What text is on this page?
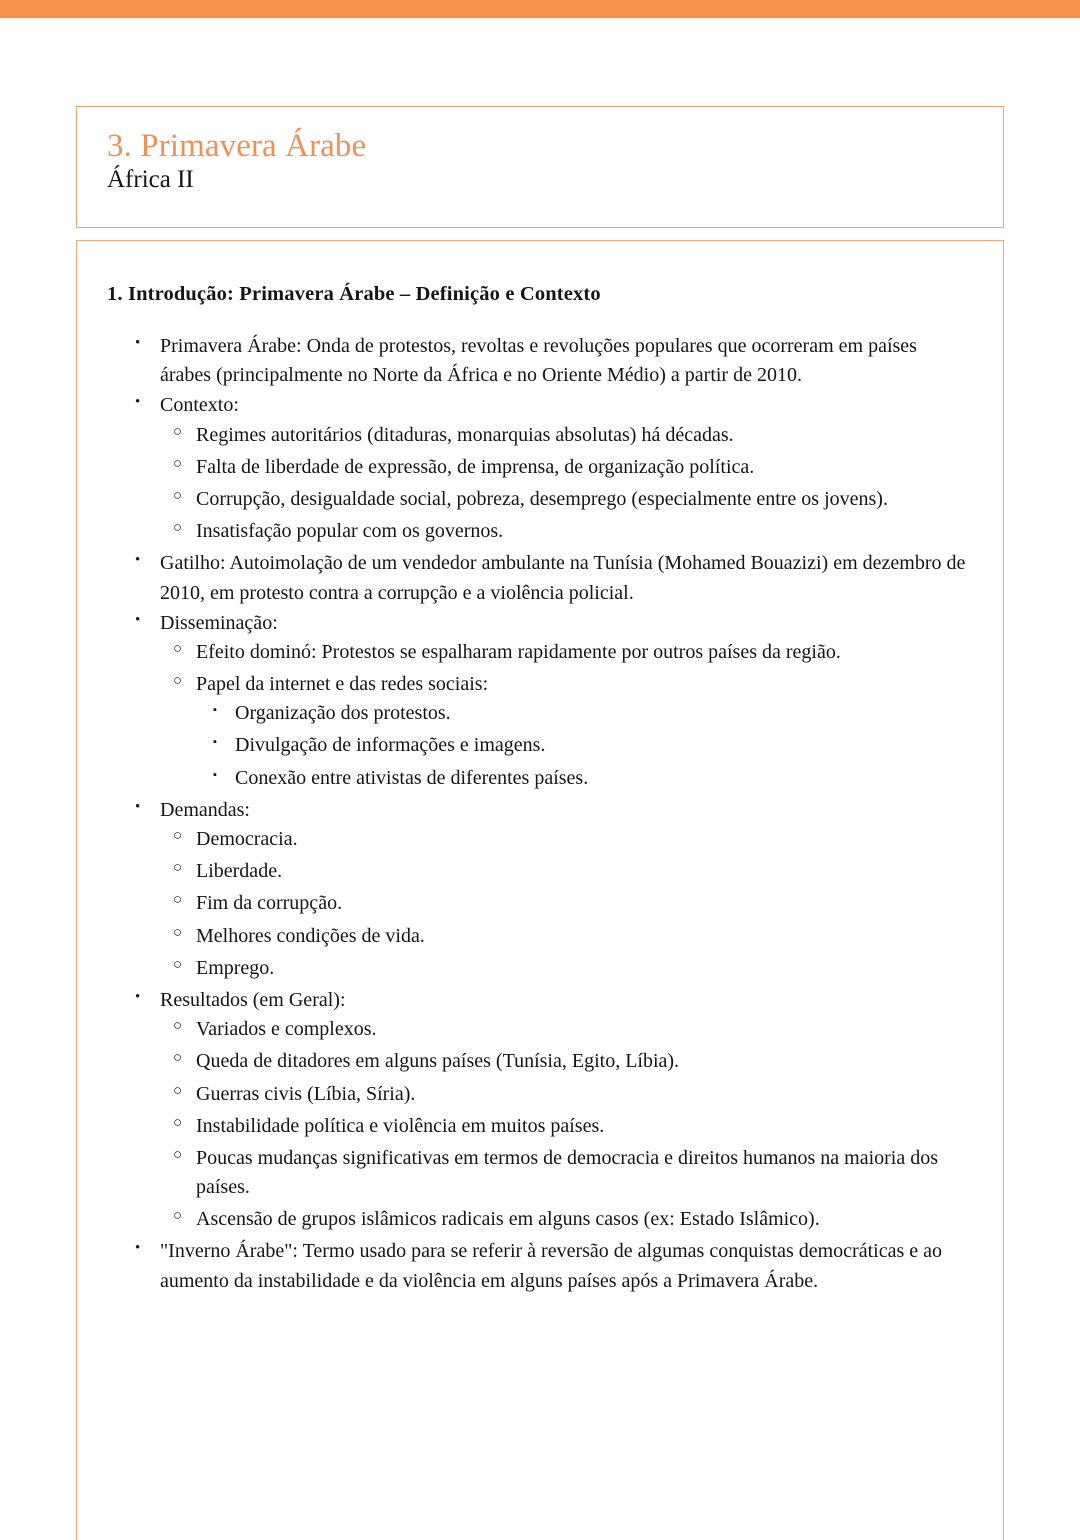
3. Primavera Árabe
África II
1. Introdução: Primavera Árabe – Definição e Contexto
• Primavera Árabe: Onda de protestos, revoltas e revoluções populares que ocorreram em países árabes (principalmente no Norte da África e no Oriente Médio) a partir de 2010.
• Contexto:
○ Regimes autoritários (ditaduras, monarquias absolutas) há décadas.
○ Falta de liberdade de expressão, de imprensa, de organização política.
○ Corrupção, desigualdade social, pobreza, desemprego (especialmente entre os jovens).
○ Insatisfação popular com os governos.
• Gatilho: Autoimolação de um vendedor ambulante na Tunísia (Mohamed Bouazizi) em dezembro de 2010, em protesto contra a corrupção e a violência policial.
• Disseminação:
○ Efeito dominó: Protestos se espalharam rapidamente por outros países da região.
○ Papel da internet e das redes sociais:
▪ Organização dos protestos.
▪ Divulgação de informações e imagens.
▪ Conexão entre ativistas de diferentes países.
• Demandas:
○ Democracia.
○ Liberdade.
○ Fim da corrupção.
○ Melhores condições de vida.
○ Emprego.
• Resultados (em Geral):
○ Variados e complexos.
○ Queda de ditadores em alguns países (Tunísia, Egito, Líbia).
○ Guerras civis (Líbia, Síria).
○ Instabilidade política e violência em muitos países.
○ Poucas mudanças significativas em termos de democracia e direitos humanos na maioria dos países.
○ Ascensão de grupos islâmicos radicais em alguns casos (ex: Estado Islâmico).
• "Inverno Árabe": Termo usado para se referir à reversão de algumas conquistas democráticas e ao aumento da instabilidade e da violência em alguns países após a Primavera Árabe.
